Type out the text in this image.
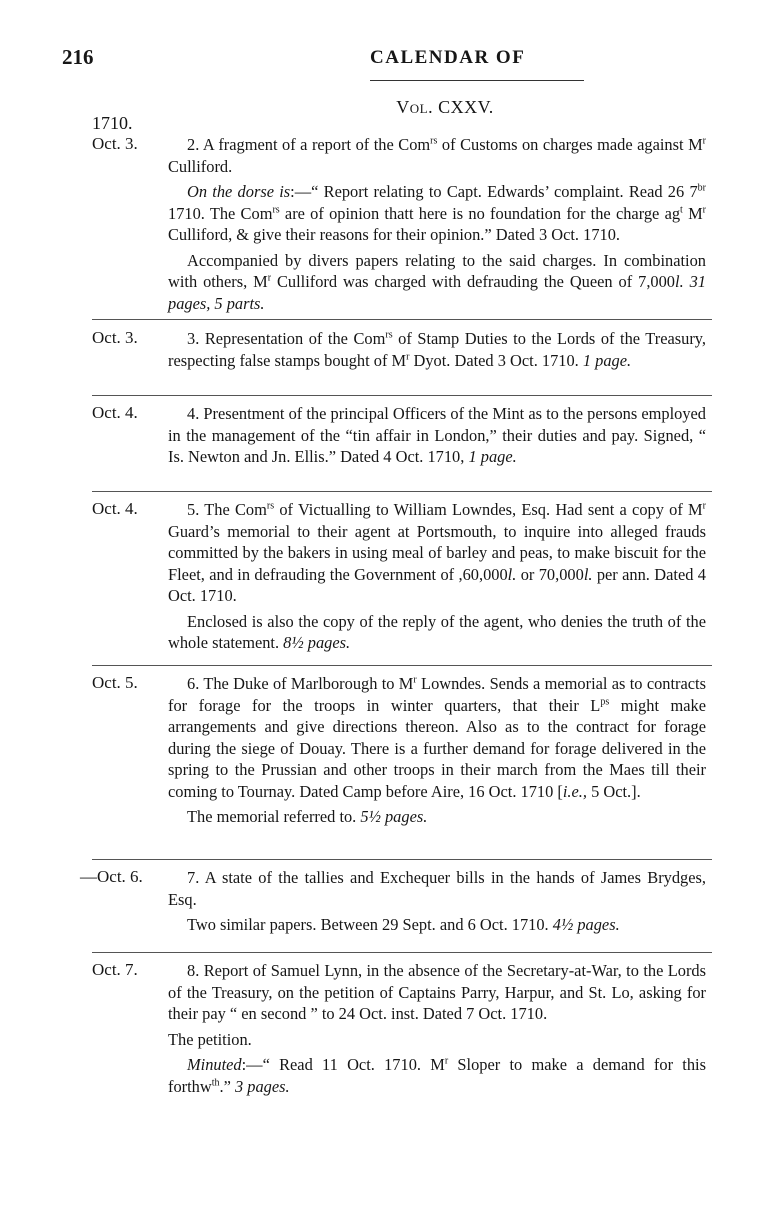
216	CALENDAR OF
Vol. CXXV.
1710.
Oct. 3.	2. A fragment of a report of the Com$^{rs}$ of Customs on charges made against $M^r$ Culliford.

On the dorse is:—“ Report relating to Capt. Edwards’ complaint. Read 26 $7^{br}$ 1710. The Com$^{rs}$ are of opinion thatt here is no foundation for the charge $ag^t$ $M^r$ Culliford, & give their reasons for their opinion.” Dated 3 Oct. 1710.

Accompanied by divers papers relating to the said charges. In combination with others, $M^r$ Culliford was charged with defrauding the Queen of 7,000l. 31 pages, 5 parts.

Oct. 3.	3. Representation of the Com$^{rs}$ of Stamp Duties to the Lords of the Treasury, respecting false stamps bought of $M^r$ Dyot. Dated 3 Oct. 1710. 1 page.

Oct. 4.	4. Presentment of the principal Officers of the Mint as to the persons employed in the management of the “tin affair in London,” their duties and pay. Signed, “ Is. Newton and Jn. Ellis.” Dated 4 Oct. 1710, 1 page.

Oct. 4.	5. The Com$^{rs}$ of Victualling to William Lowndes, Esq. Had sent a copy of $M^r$ Guard’s memorial to their agent at Portsmouth, to inquire into alleged frauds committed by the bakers in using meal of barley and peas, to make biscuit for the Fleet, and in defrauding the Government of ,60,000l. or 70,000l. per ann. Dated 4 Oct. 1710.

Enclosed is also the copy of the reply of the agent, who denies the truth of the whole statement. 8½ pages.

Oct. 5.	6. The Duke of Marlborough to $M^r$ Lowndes. Sends a memorial as to contracts for forage for the troops in winter quarters, that their $L^{ps}$ might make arrangements and give directions thereon. Also as to the contract for forage during the siege of Douay. There is a further demand for forage delivered in the spring to the Prussian and other troops in their march from the Maes till their coming to Tournay. Dated Camp before Aire, 16 Oct. 1710 [i.e., 5 Oct.].

The memorial referred to. 5½ pages.

—Oct. 6.	7. A state of the tallies and Exchequer bills in the hands of James Brydges, Esq.

Two similar papers. Between 29 Sept. and 6 Oct. 1710. 4½ pages.

Oct. 7.	8. Report of Samuel Lynn, in the absence of the Secretary-at-War, to the Lords of the Treasury, on the petition of Captains Parry, Harpur, and St. Lo, asking for their pay “ en second ” to 24 Oct. inst. Dated 7 Oct. 1710.

The petition.

Minuted:—“ Read 11 Oct. 1710. $M^r$ Sloper to make a demand for this forthw$^{th}$.” 3 pages.
